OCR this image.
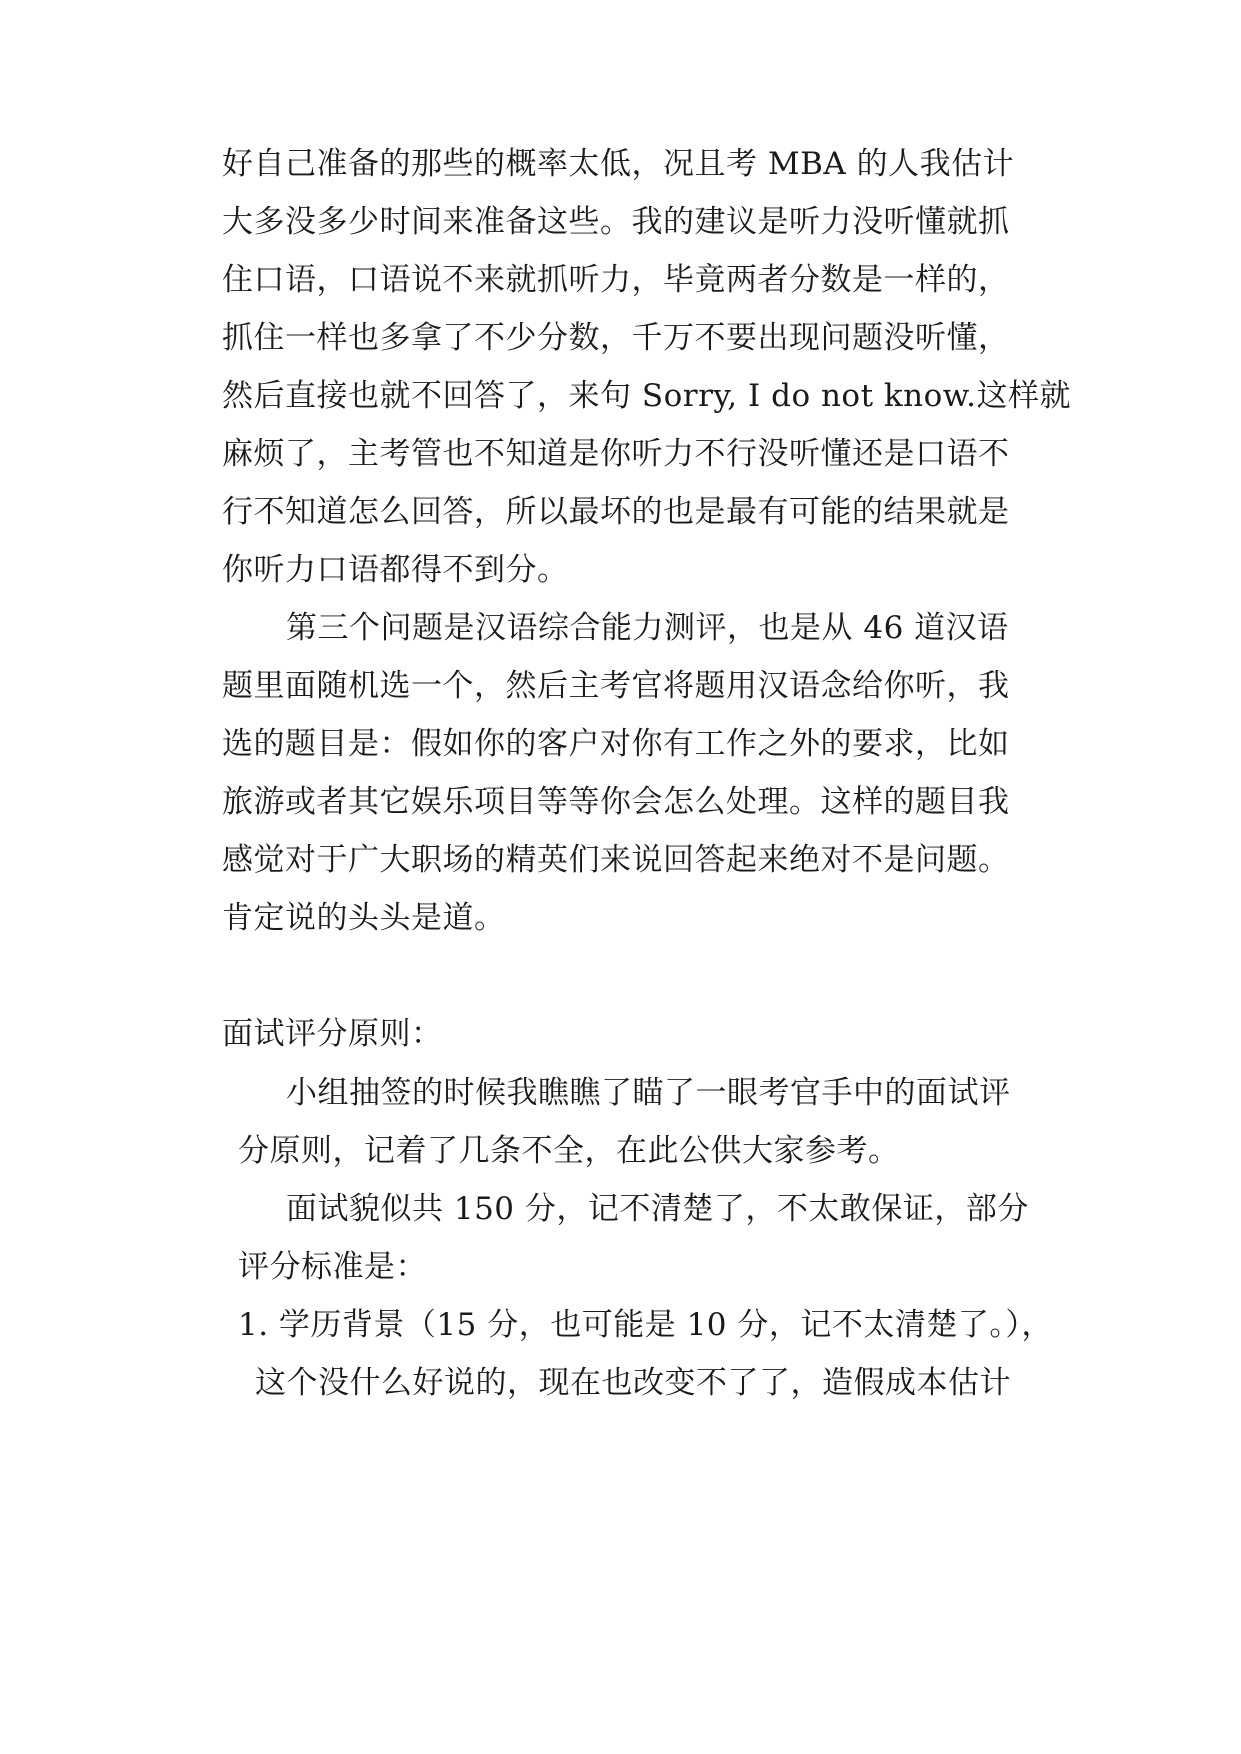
好自己准备的那些的概率太低，况且考 MBA 的人我估计
大多没多少时间来准备这些。我的建议是听力没听懂就抓
住口语，口语说不来就抓听力，毕竟两者分数是一样的，
抓住一样也多拿了不少分数，千万不要出现问题没听懂，
然后直接也就不回答了，来句 Sorry, I do not know.这样就
麻烦了，主考管也不知道是你听力不行没听懂还是口语不
行不知道怎么回答，所以最坏的也是最有可能的结果就是
你听力口语都得不到分。
第三个问题是汉语综合能力测评，也是从 46 道汉语
题里面随机选一个，然后主考官将题用汉语念给你听，我
选的题目是：假如你的客户对你有工作之外的要求，比如
旅游或者其它娱乐项目等等你会怎么处理。这样的题目我
感觉对于广大职场的精英们来说回答起来绝对不是问题。
肯定说的头头是道。
面试评分原则：
小组抽签的时候我瞧瞧了瞄了一眼考官手中的面试评
分原则，记着了几条不全，在此公供大家参考。
面试貌似共 150 分，记不清楚了，不太敢保证，部分
评分标准是：
1. 学历背景（15 分，也可能是 10 分，记不太清楚了。），
这个没什么好说的，现在也改变不了了，造假成本估计
